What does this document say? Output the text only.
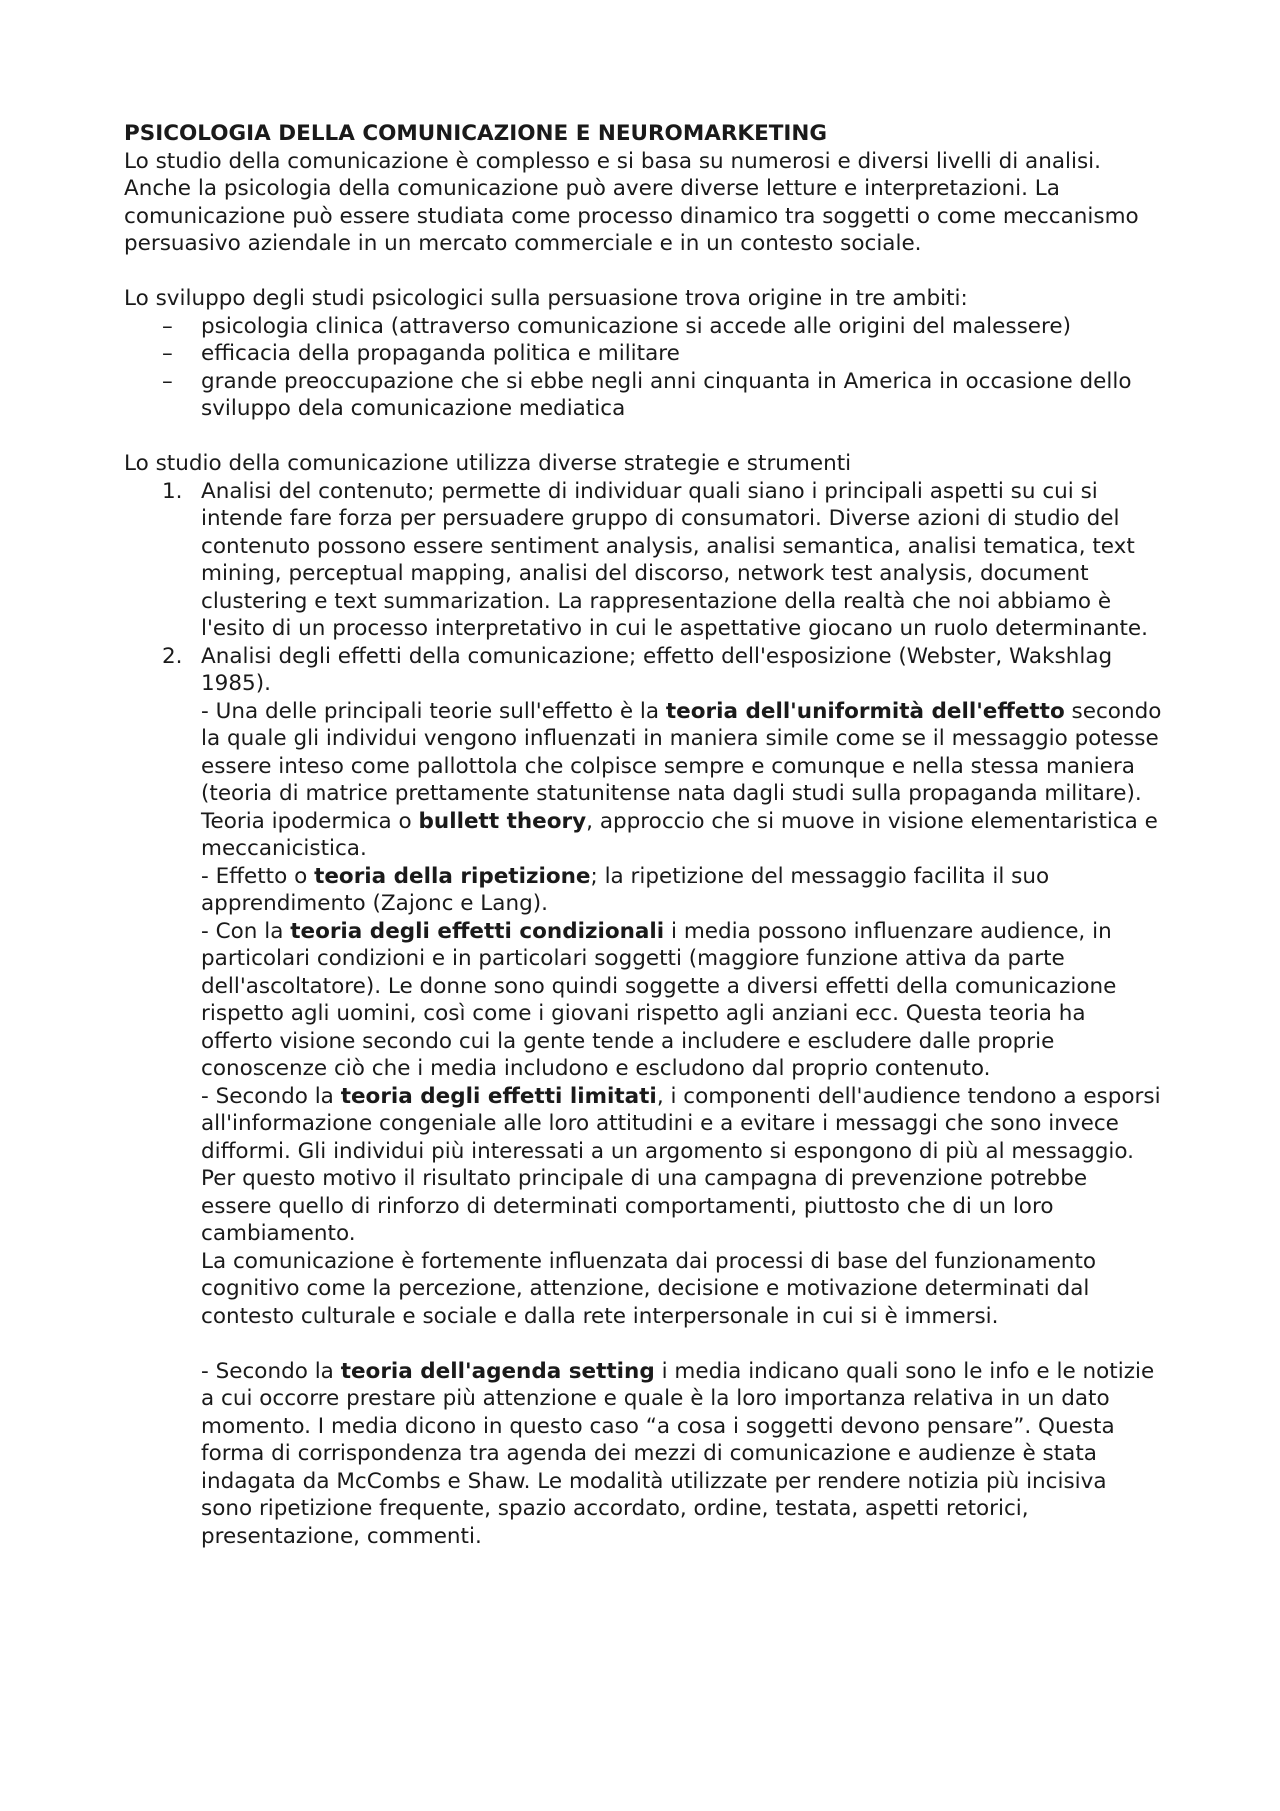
PSICOLOGIA DELLA COMUNICAZIONE E NEUROMARKETING

Lo studio della comunicazione è complesso e si basa su numerosi e diversi livelli di analisi. Anche la psicologia della comunicazione può avere diverse letture e interpretazioni. La comunicazione può essere studiata come processo dinamico tra soggetti o come meccanismo persuasivo aziendale in un mercato commerciale e in un contesto sociale.

Lo sviluppo degli studi psicologici sulla persuasione trova origine in tre ambiti:

– psicologia clinica (attraverso comunicazione si accede alle origini del malessere)
– efficacia della propaganda politica e militare
– grande preoccupazione che si ebbe negli anni cinquanta in America in occasione dello sviluppo dela comunicazione mediatica

Lo studio della comunicazione utilizza diverse strategie e strumenti

1. Analisi del contenuto; permette di individuar quali siano i principali aspetti su cui si intende fare forza per persuadere gruppo di consumatori. Diverse azioni di studio del contenuto possono essere sentiment analysis, analisi semantica, analisi tematica, text mining, perceptual mapping, analisi del discorso, network test analysis, document clustering e text summarization. La rappresentazione della realtà che noi abbiamo è l'esito di un processo interpretativo in cui le aspettative giocano un ruolo determinante.
2. Analisi degli effetti della comunicazione; effetto dell'esposizione (Webster, Wakshlag 1985).

- Una delle principali teorie sull'effetto è la teoria dell'uniformità dell'effetto secondo la quale gli individui vengono influenzati in maniera simile come se il messaggio potesse essere inteso come pallottola che colpisce sempre e comunque e nella stessa maniera (teoria di matrice prettamente statunitense nata dagli studi sulla propaganda militare). Teoria ipodermica o bullett theory, approccio che si muove in visione elementaristica e meccanicistica.

- Effetto o teoria della ripetizione; la ripetizione del messaggio facilita il suo apprendimento (Zajonc e Lang).

- Con la teoria degli effetti condizionali i media possono influenzare audience, in particolari condizioni e in particolari soggetti (maggiore funzione attiva da parte dell'ascoltatore). Le donne sono quindi soggette a diversi effetti della comunicazione rispetto agli uomini, così come i giovani rispetto agli anziani ecc. Questa teoria ha offerto visione secondo cui la gente tende a includere e escludere dalle proprie conoscenze ciò che i media includono e escludono dal proprio contenuto.

- Secondo la teoria degli effetti limitati, i componenti dell'audience tendono a esporsi all'informazione congeniale alle loro attitudini e a evitare i messaggi che sono invece difformi. Gli individui più interessati a un argomento si espongono di più al messaggio. Per questo motivo il risultato principale di una campagna di prevenzione potrebbe essere quello di rinforzo di determinati comportamenti, piuttosto che di un loro cambiamento.

La comunicazione è fortemente influenzata dai processi di base del funzionamento cognitivo come la percezione, attenzione, decisione e motivazione determinati dal contesto culturale e sociale e dalla rete interpersonale in cui si è immersi.

- Secondo la teoria dell'agenda setting i media indicano quali sono le info e le notizie a cui occorre prestare più attenzione e quale è la loro importanza relativa in un dato momento. I media dicono in questo caso “a cosa i soggetti devono pensare”. Questa forma di corrispondenza tra agenda dei mezzi di comunicazione e audienze è stata indagata da McCombs e Shaw. Le modalità utilizzate per rendere notizia più incisiva sono ripetizione frequente, spazio accordato, ordine, testata, aspetti retorici, presentazione, commenti.
